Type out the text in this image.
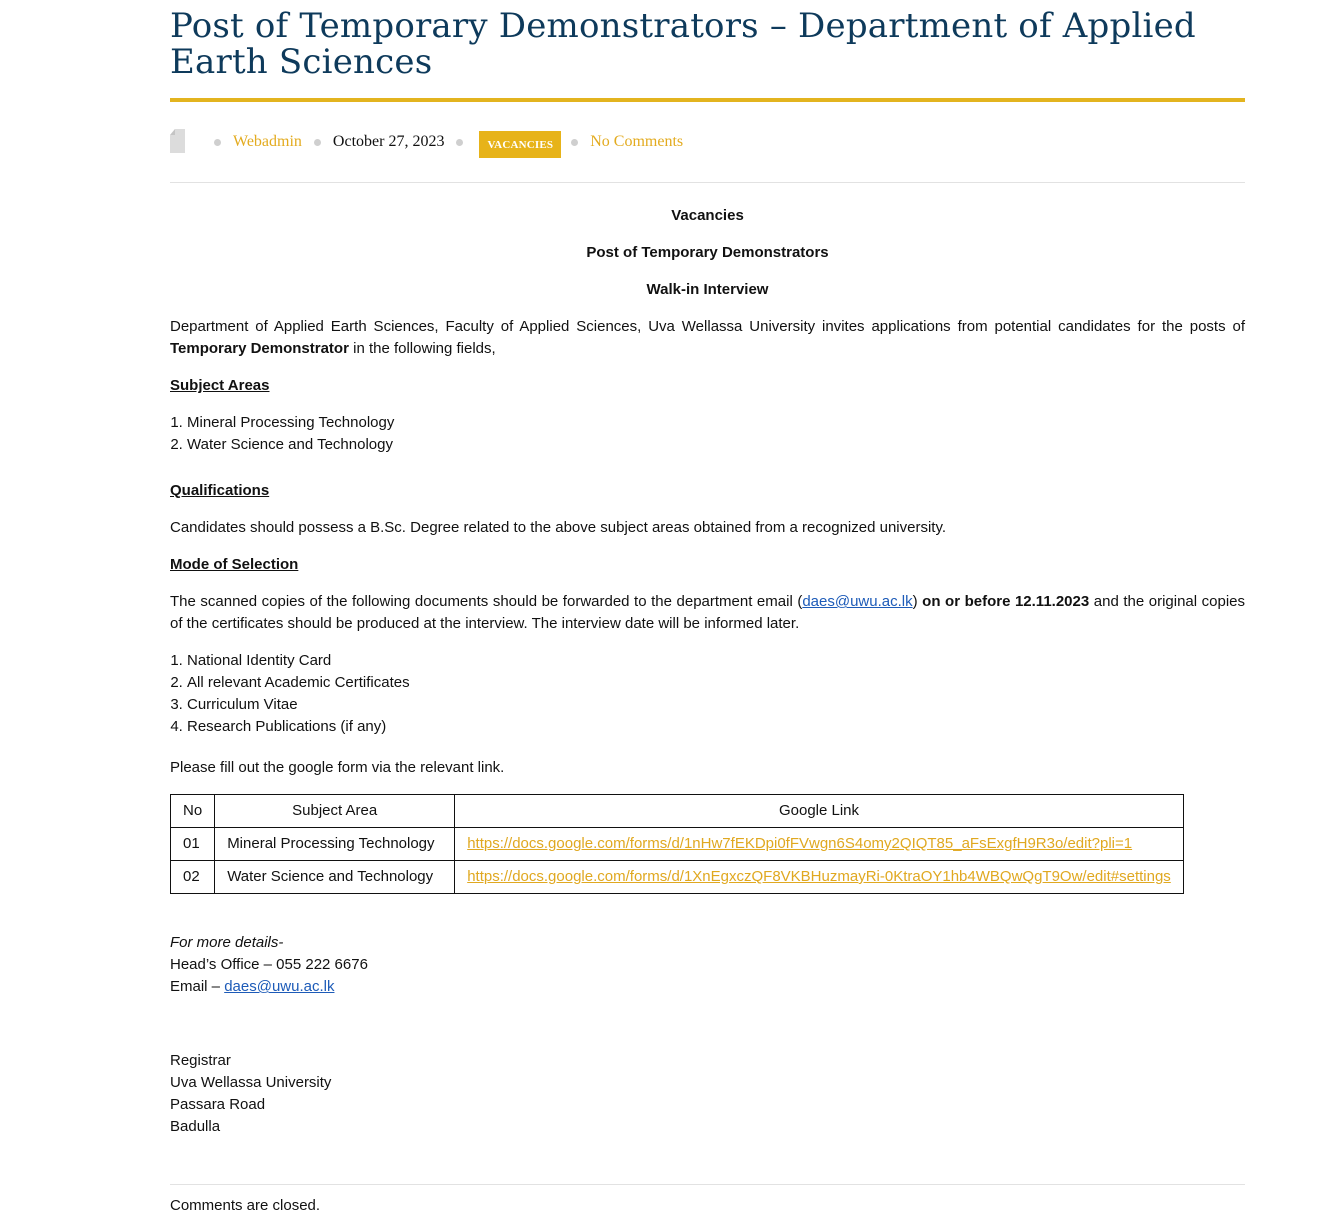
Post of Temporary Demonstrators – Department of Applied Earth Sciences
Webadmin October 27, 2023	VACANCIES	No Comments

Vacancies

Post of Temporary Demonstrators

Walk-in Interview

Department of Applied Earth Sciences, Faculty of Applied Sciences, Uva Wellassa University invites applications from potential candidates for the posts of Temporary Demonstrator in the following fields,

Subject Areas

1. Mineral Processing Technology
2. Water Science and Technology

Qualifications

Candidates should possess a B.Sc. Degree related to the above subject areas obtained from a recognized university.

Mode of Selection

The scanned copies of the following documents should be forwarded to the department email (daes@uwu.ac.lk) on or before 12.11.2023 and the original copies of the certificates should be produced at the interview. The interview date will be informed later.

1. National Identity Card
2. All relevant Academic Certificates
3. Curriculum Vitae
4. Research Publications (if any)

Please fill out the google form via the relevant link.

No	Subject Area	Google Link
01	Mineral Processing Technology	https://docs.google.com/forms/d/1nHw7fEKDpi0fFVwgn6S4omy2QIQT85_aFsExgfH9R3o/edit?pli=1
02	Water Science and Technology	https://docs.google.com/forms/d/1XnEgxczQF8VKBHuzmayRi-0KtraOY1hb4WBQwQgT9Ow/edit#settings
For more details-
Head’s Office – 055 222 6676
Email – daes@uwu.ac.lk
Registrar
Uva Wellassa University
Passara Road
Badulla
Comments are closed.
